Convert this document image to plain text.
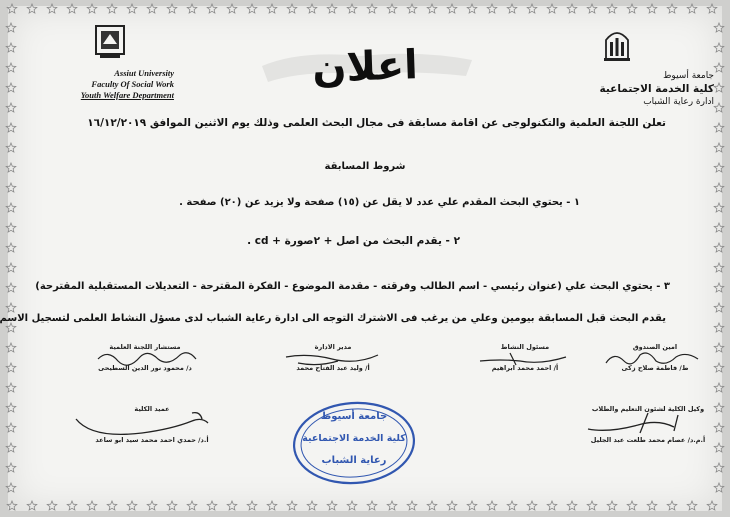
Assiut University
Faculty Of Social Work
Youth Welfare Department
جامعة أسيوط
كلية الخدمة الاجتماعية
ادارة رعاية الشباب
اعلان
تعلن اللجنة العلمية والتكنولوجى عن اقامة مسابقة فى مجال البحث العلمى وذلك يوم الاثنين الموافق ١٦/١٢/٢٠١٩
شروط المسابقة
١ - يحتوي البحث المقدم علي عدد لا يقل عن (١٥) صفحة ولا يزيد عن (٢٠) صفحة .
٢ - يقدم البحث من اصل + ٢صورة + cd .
٣ - يحتوي البحث علي (عنوان رئيسي - اسم الطالب وفرقته - مقدمة الموضوع - الفكرة المقترحة - التعديلات المستقبلية المقترحة)
يقدم البحث قبل المسابقة بيومين وعلي من يرغب فى الاشترك التوجه الى ادارة رعاية الشباب لدى مسؤل النشاط العلمى لتسجيل الاسم
امين الصندوق
ط/ فاطمة صلاح زكى
مسئول النشاط
أ/ احمد محمد ابراهيم
مدير الادارة
أ/ وليد عبد الفتاح محمد
مستشار اللجنة العلمية
د/ محمود نور الدين السطيحى
وكيل الكلية لشئون التعليم والطلاب
أ.م.د/ عصام محمد طلعت عبد الجليل
عميد الكلية
أ.د/ حمدي احمد محمد سيد ابو ساعد
جامعة أسيوط
كلية الخدمة الاجتماعية
رعاية الشباب
